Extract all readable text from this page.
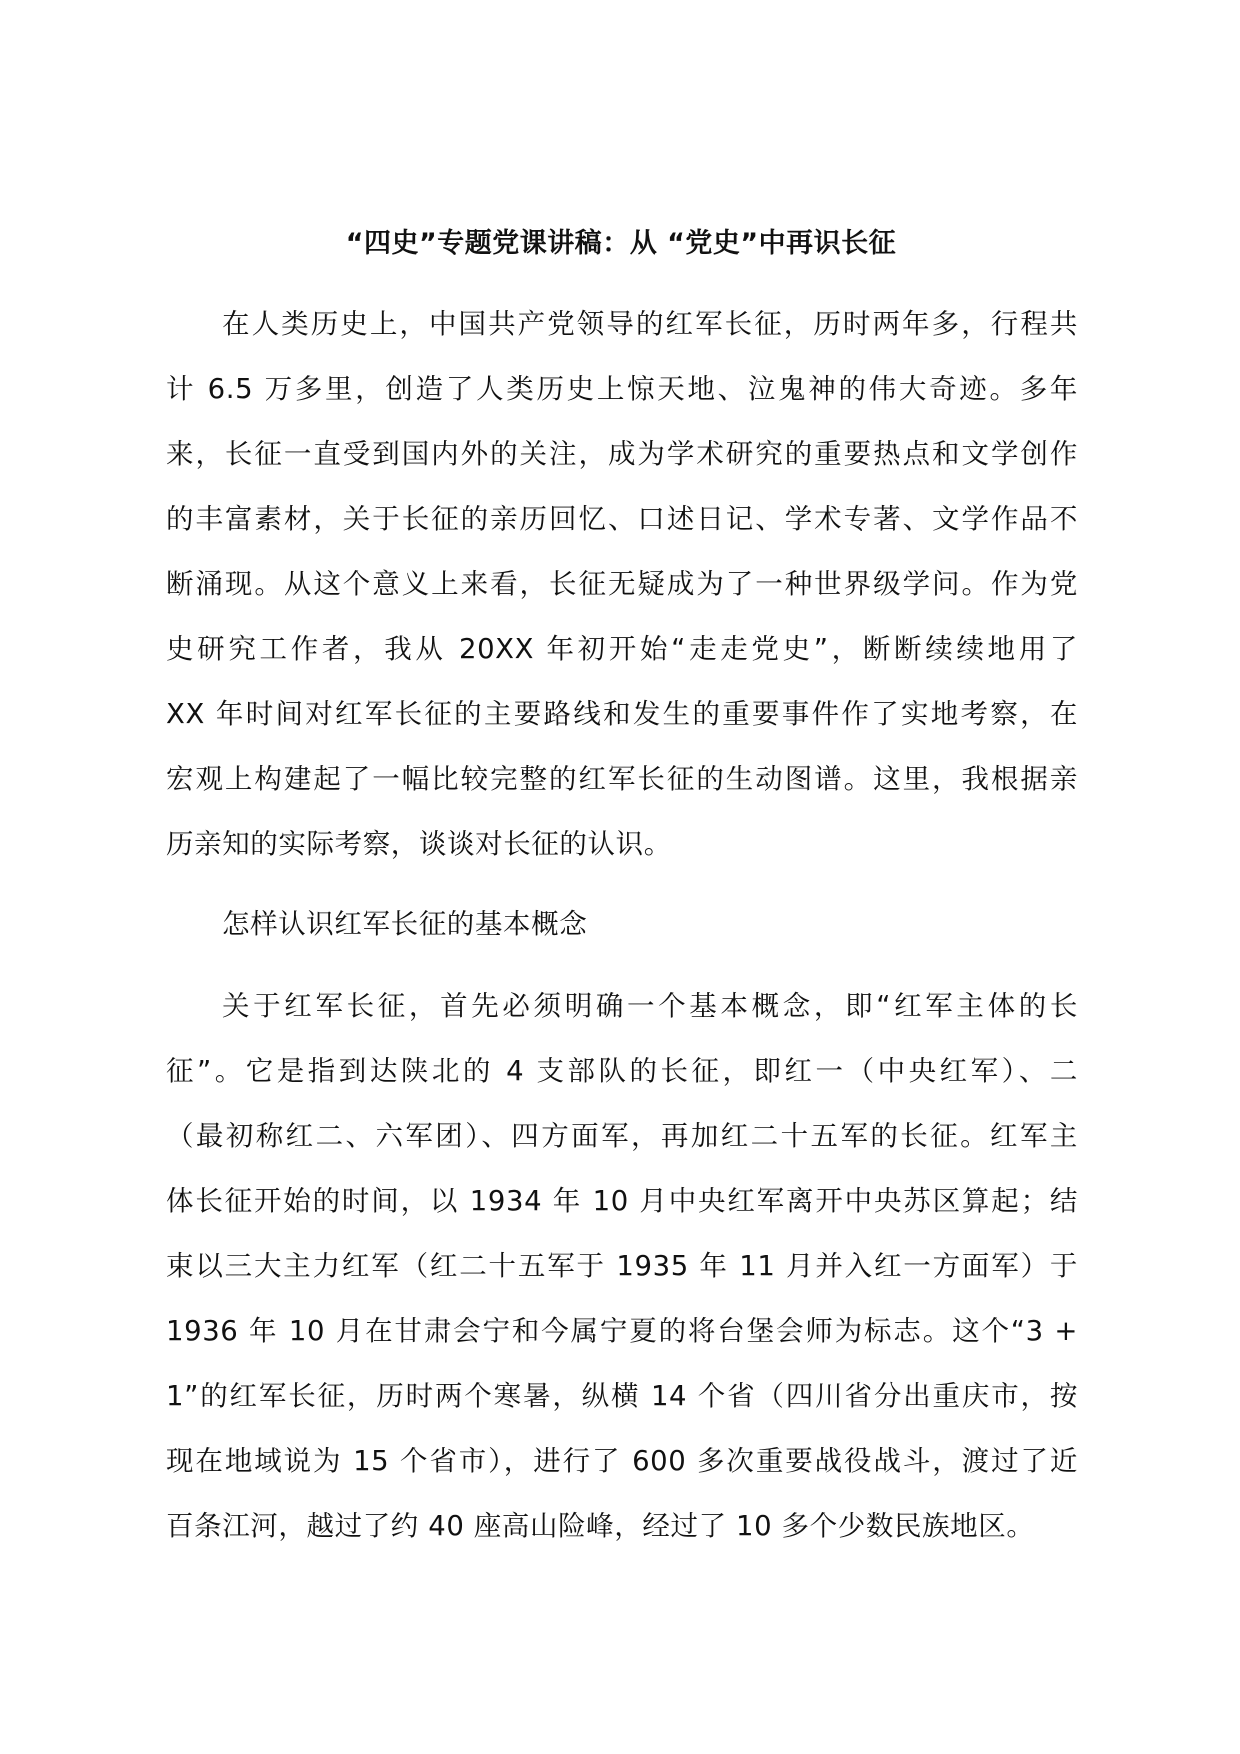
“四史”专题党课讲稿：从 “党史”中再识长征
在人类历史上，中国共产党领导的红军长征，历时两年多，行程共
计 6.5 万多里，创造了人类历史上惊天地、泣鬼神的伟大奇迹。多年
来，长征一直受到国内外的关注，成为学术研究的重要热点和文学创作
的丰富素材，关于长征的亲历回忆、口述日记、学术专著、文学作品不
断涌现。从这个意义上来看，长征无疑成为了一种世界级学问。作为党
史研究工作者，我从 20XX 年初开始“走走党史”，断断续续地用了
XX 年时间对红军长征的主要路线和发生的重要事件作了实地考察，在
宏观上构建起了一幅比较完整的红军长征的生动图谱。这里，我根据亲
历亲知的实际考察，谈谈对长征的认识。
怎样认识红军长征的基本概念
关于红军长征，首先必须明确一个基本概念，即“红军主体的长
征”。它是指到达陕北的 4 支部队的长征，即红一（中央红军）、二
（最初称红二、六军团）、四方面军，再加红二十五军的长征。红军主
体长征开始的时间，以 1934 年 10 月中央红军离开中央苏区算起；结
束以三大主力红军（红二十五军于 1935 年 11 月并入红一方面军）于
1936 年 10 月在甘肃会宁和今属宁夏的将台堡会师为标志。这个“3 +
1”的红军长征，历时两个寒暑，纵横 14 个省（四川省分出重庆市，按
现在地域说为 15 个省市），进行了 600 多次重要战役战斗，渡过了近
百条江河，越过了约 40 座高山险峰，经过了 10 多个少数民族地区。
